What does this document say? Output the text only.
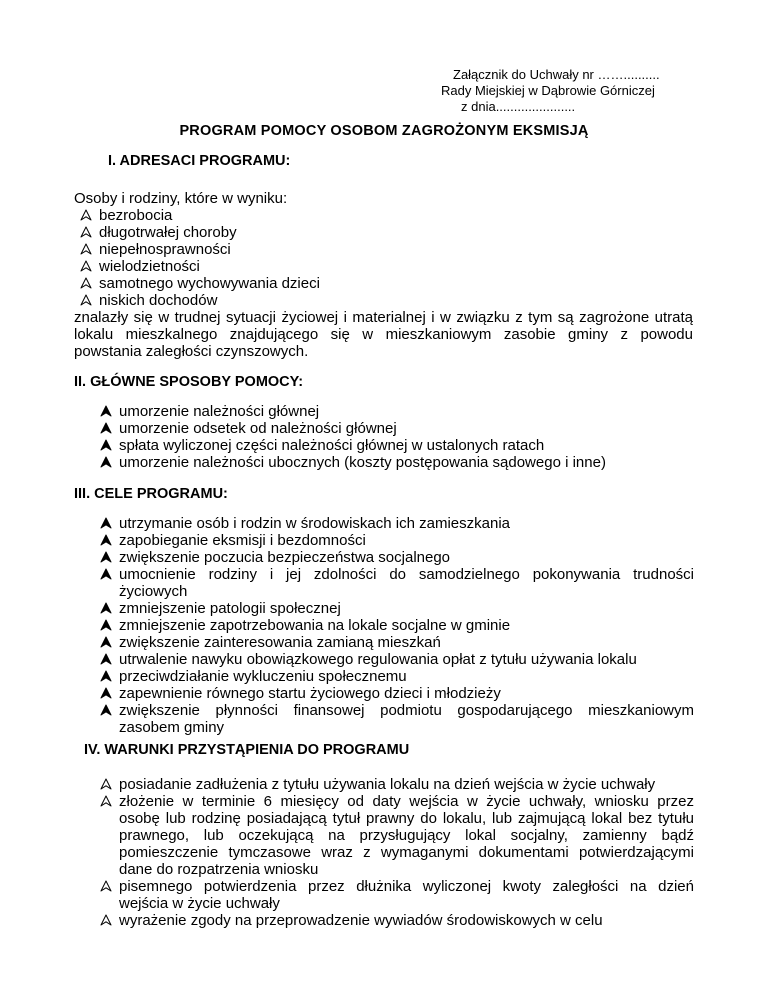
Załącznik do Uchwały nr ……..........
Rady Miejskiej w Dąbrowie Górniczej
z dnia......................
PROGRAM POMOCY OSOBOM ZAGROŻONYM EKSMISJĄ
I. ADRESACI PROGRAMU:
Osoby i rodziny, które w wyniku:
bezrobocia
długotrwałej choroby
niepełnosprawności
wielodzietności
samotnego wychowywania dzieci
niskich dochodów
znalazły się w trudnej sytuacji życiowej i materialnej i w związku z tym są zagrożone utratą
lokalu mieszkalnego znajdującego się w mieszkaniowym zasobie gminy z powodu
powstania zaległości czynszowych.
II. GŁÓWNE SPOSOBY POMOCY:
umorzenie należności głównej
umorzenie odsetek od należności głównej
spłata wyliczonej części należności głównej w ustalonych ratach
umorzenie należności ubocznych (koszty postępowania sądowego i inne)
III. CELE PROGRAMU:
utrzymanie osób i rodzin w środowiskach ich zamieszkania
zapobieganie eksmisji i bezdomności
zwiększenie poczucia bezpieczeństwa socjalnego
umocnienie rodziny i jej zdolności do samodzielnego pokonywania trudności
życiowych
zmniejszenie patologii społecznej
zmniejszenie zapotrzebowania na lokale socjalne w gminie
zwiększenie zainteresowania zamianą mieszkań
utrwalenie nawyku obowiązkowego regulowania opłat z tytułu używania lokalu
przeciwdziałanie wykluczeniu społecznemu
zapewnienie równego startu życiowego dzieci i młodzieży
zwiększenie płynności finansowej podmiotu gospodarującego mieszkaniowym
zasobem gminy
IV. WARUNKI PRZYSTĄPIENIA DO PROGRAMU
posiadanie zadłużenia z tytułu używania lokalu na dzień wejścia w życie uchwały
złożenie w terminie 6 miesięcy od daty wejścia w życie uchwały, wniosku przez
osobę lub rodzinę posiadającą tytuł prawny do lokalu, lub zajmującą lokal bez tytułu
prawnego, lub oczekującą na przysługujący lokal socjalny, zamienny bądź
pomieszczenie tymczasowe wraz z wymaganymi dokumentami potwierdzającymi
dane do rozpatrzenia wniosku
pisemnego potwierdzenia przez dłużnika wyliczonej kwoty zaległości na dzień
wejścia w życie uchwały
wyrażenie zgody na przeprowadzenie wywiadów środowiskowych w celu
